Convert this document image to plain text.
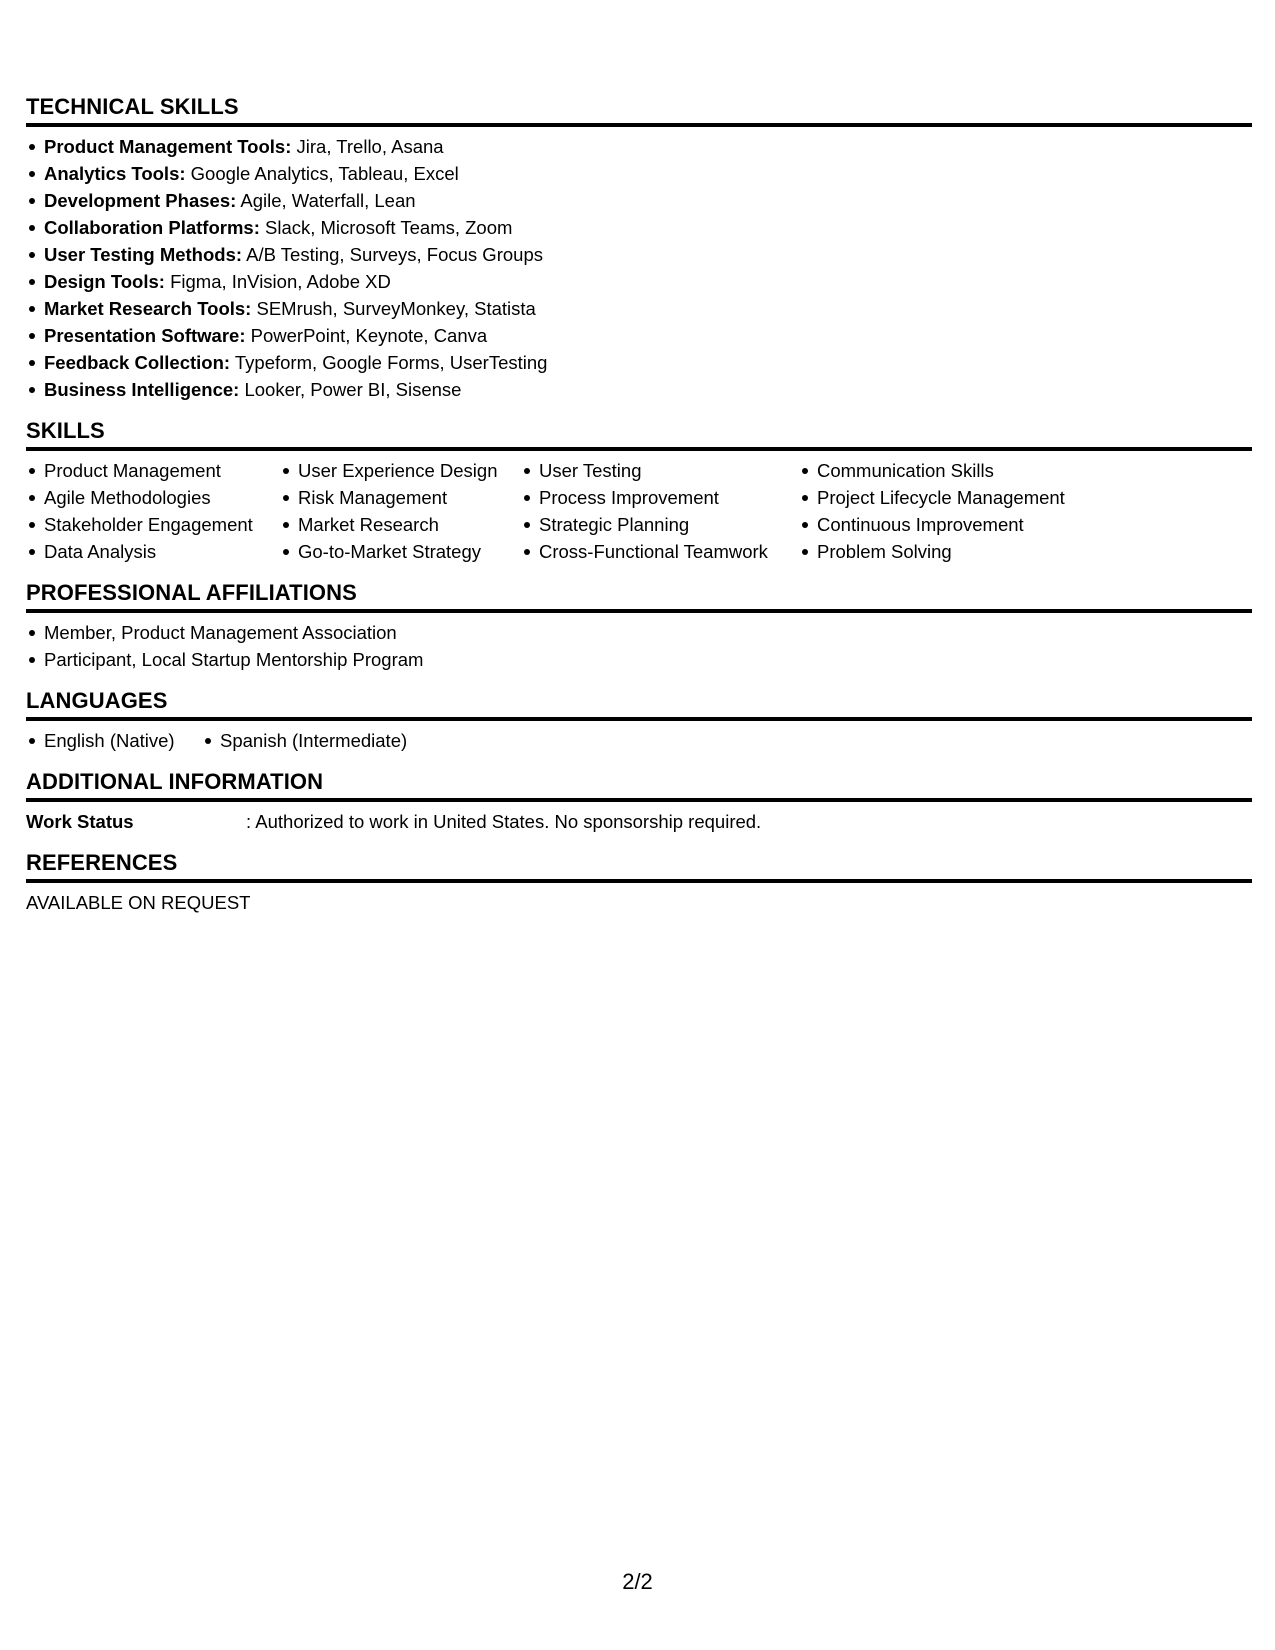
TECHNICAL SKILLS
Product Management Tools: Jira, Trello, Asana
Analytics Tools: Google Analytics, Tableau, Excel
Development Phases: Agile, Waterfall, Lean
Collaboration Platforms: Slack, Microsoft Teams, Zoom
User Testing Methods: A/B Testing, Surveys, Focus Groups
Design Tools: Figma, InVision, Adobe XD
Market Research Tools: SEMrush, SurveyMonkey, Statista
Presentation Software: PowerPoint, Keynote, Canva
Feedback Collection: Typeform, Google Forms, UserTesting
Business Intelligence: Looker, Power BI, Sisense
SKILLS
Product Management
Agile Methodologies
Stakeholder Engagement
Data Analysis
User Experience Design
Risk Management
Market Research
Go-to-Market Strategy
User Testing
Process Improvement
Strategic Planning
Cross-Functional Teamwork
Communication Skills
Project Lifecycle Management
Continuous Improvement
Problem Solving
PROFESSIONAL AFFILIATIONS
Member, Product Management Association
Participant, Local Startup Mentorship Program
LANGUAGES
English (Native)	Spanish (Intermediate)
ADDITIONAL INFORMATION
Work Status	: Authorized to work in United States. No sponsorship required.
REFERENCES
AVAILABLE ON REQUEST
2/2
